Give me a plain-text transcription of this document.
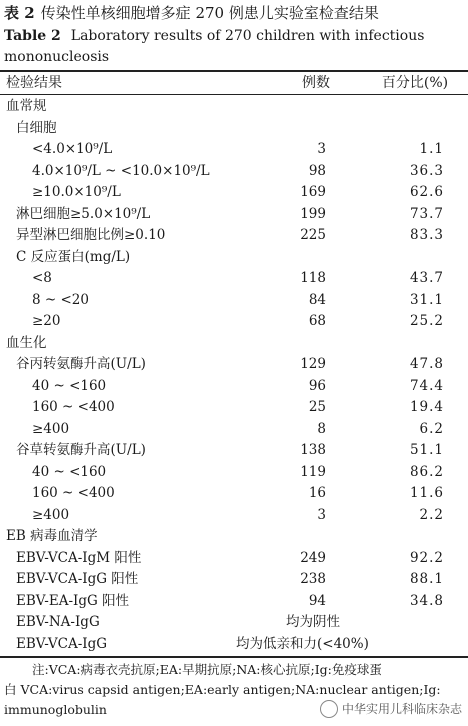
表 2 传染性单核细胞增多症 270 例患儿实验室检查结果
Table 2 Laboratory results of 270 children with infectious mononucleosis
检验结果	例数	百分比(%)
血常规
白细胞
<4.0×10⁹/L	3	1.1
4.0×10⁹/L ~ <10.0×10⁹/L	98	36.3
≥10.0×10⁹/L	169	62.6
淋巴细胞≥5.0×10⁹/L	199	73.7
异型淋巴细胞比例≥0.10	225	83.3
C 反应蛋白(mg/L)
<8	118	43.7
8 ~ <20	84	31.1
≥20	68	25.2
血生化
谷丙转氨酶升高(U/L)	129	47.8
40 ~ <160	96	74.4
160 ~ <400	25	19.4
≥400	8	6.2
谷草转氨酶升高(U/L)	138	51.1
40 ~ <160	119	86.2
160 ~ <400	16	11.6
≥400	3	2.2
EB 病毒血清学
EBV-VCA-IgM 阳性	249	92.2
EBV-VCA-IgG 阳性	238	88.1
EBV-EA-IgG 阳性	94	34.8
EBV-NA-IgG	均为阴性
EBV-VCA-IgG	均为低亲和力(<40%)
注:VCA:病毒衣壳抗原;EA:早期抗原;NA:核心抗原;Ig:免疫球蛋
白 VCA:virus capsid antigen;EA:early antigen;NA:nuclear antigen;Ig:
immunoglobulin	中华实用儿科临床杂志
